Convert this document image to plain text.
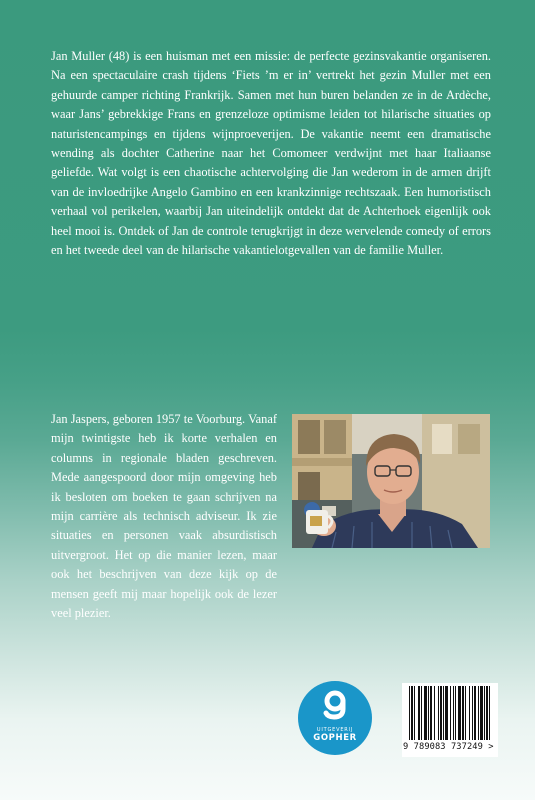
Jan Muller (48) is een huisman met een missie: de perfecte gezinsvakantie organiseren. Na een spectaculaire crash tijdens ‘Fiets ’m er in’ vertrekt het gezin Muller met een gehuurde camper richting Frankrijk. Samen met hun buren belanden ze in de Ardèche, waar Jans’ gebrekkige Frans en grenzeloze optimisme leiden tot hilarische situaties op naturistencampings en tijdens wijnproeverijen. De vakantie neemt een dramatische wending als dochter Catherine naar het Comomeer verdwijnt met haar Italiaanse geliefde. Wat volgt is een chaotische achtervolging die Jan wederom in de armen drijft van de invloedrijke Angelo Gambino en een krankzinnige rechtszaak. Een humoristisch verhaal vol perikelen, waarbij Jan uiteindelijk ontdekt dat de Achterhoek eigenlijk ook heel mooi is. Ontdek of Jan de controle terugkrijgt in deze wervelende comedy of errors en het tweede deel van de hilarische vakantielotgevallen van de familie Muller.

Jan Jaspers, geboren 1957 te Voorburg. Vanaf mijn twintigste heb ik korte verhalen en columns in regionale bladen geschreven. Mede aangespoord door mijn omgeving heb ik besloten om boeken te gaan schrijven na mijn carrière als technisch adviseur. Ik zie situaties en personen vaak absurdistisch uitvergroot. Het op die manier lezen, maar ook het beschrijven van deze kijk op de mensen geeft mij maar hopelijk ook de lezer veel plezier.

UITGEVERIJ
GOPHER
9 789083 737249 >
